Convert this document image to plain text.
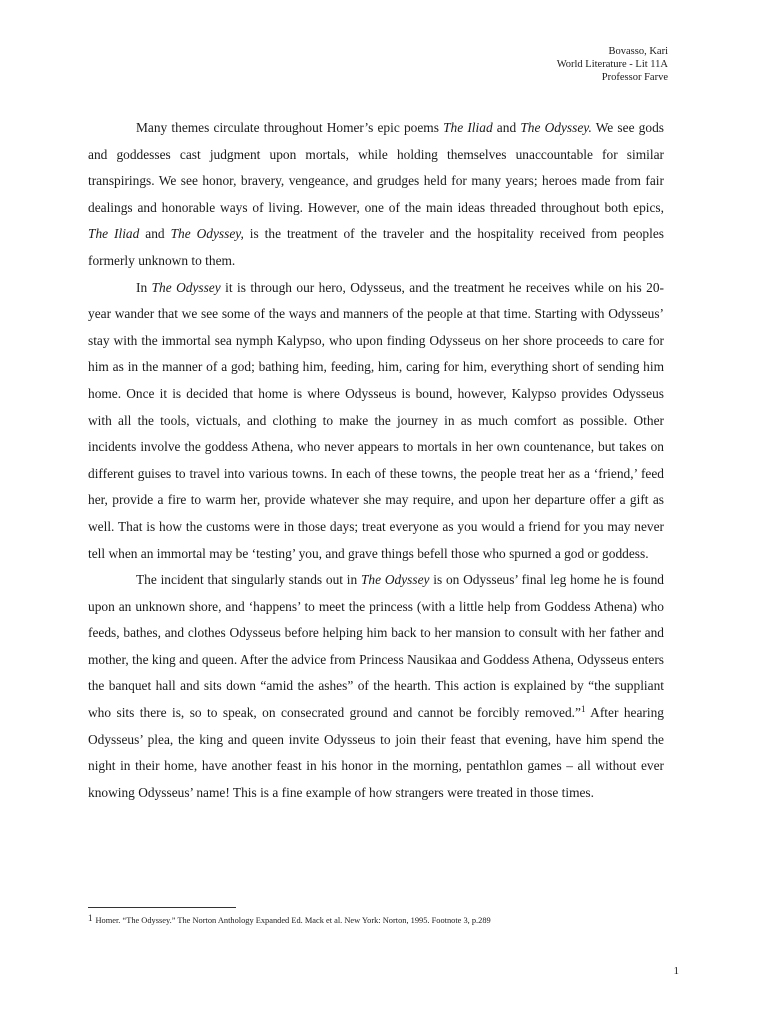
Bovasso, Kari
World Literature - Lit 11A
Professor Farve

Many themes circulate throughout Homer’s epic poems The Iliad and The Odyssey. We see gods and goddesses cast judgment upon mortals, while holding themselves unaccountable for similar transpirings. We see honor, bravery, vengeance, and grudges held for many years; heroes made from fair dealings and honorable ways of living. However, one of the main ideas threaded throughout both epics, The Iliad and The Odyssey, is the treatment of the traveler and the hospitality received from peoples formerly unknown to them.

In The Odyssey it is through our hero, Odysseus, and the treatment he receives while on his 20-year wander that we see some of the ways and manners of the people at that time. Starting with Odysseus’ stay with the immortal sea nymph Kalypso, who upon finding Odysseus on her shore proceeds to care for him as in the manner of a god; bathing him, feeding, him, caring for him, everything short of sending him home. Once it is decided that home is where Odysseus is bound, however, Kalypso provides Odysseus with all the tools, victuals, and clothing to make the journey in as much comfort as possible. Other incidents involve the goddess Athena, who never appears to mortals in her own countenance, but takes on different guises to travel into various towns. In each of these towns, the people treat her as a ‘friend,’ feed her, provide a fire to warm her, provide whatever she may require, and upon her departure offer a gift as well. That is how the customs were in those days; treat everyone as you would a friend for you may never tell when an immortal may be ‘testing’ you, and grave things befell those who spurned a god or goddess.

The incident that singularly stands out in The Odyssey is on Odysseus’ final leg home he is found upon an unknown shore, and ‘happens’ to meet the princess (with a little help from Goddess Athena) who feeds, bathes, and clothes Odysseus before helping him back to her mansion to consult with her father and mother, the king and queen. After the advice from Princess Nausikaa and Goddess Athena, Odysseus enters the banquet hall and sits down “amid the ashes” of the hearth. This action is explained by “the suppliant who sits there is, so to speak, on consecrated ground and cannot be forcibly removed.”$^1$ After hearing Odysseus’ plea, the king and queen invite Odysseus to join their feast that evening, have him spend the night in their home, have another feast in his honor in the morning, pentathlon games – all without ever knowing Odysseus’ name! This is a fine example of how strangers were treated in those times.

$^1$ Homer. “The Odyssey.” The Norton Anthology Expanded Ed. Mack et al. New York: Norton, 1995. Footnote 3, p.289
1
